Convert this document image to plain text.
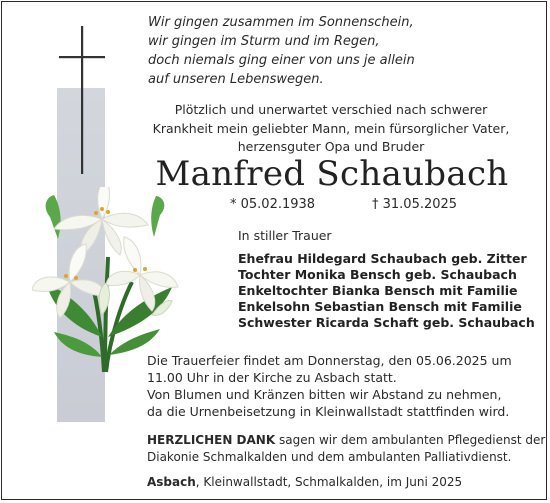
Wir gingen zusammen im Sonnenschein,
wir gingen im Sturm und im Regen,
doch niemals ging einer von uns je allein
auf unseren Lebenswegen.
Plötzlich und unerwartet verschied nach schwerer
Krankheit mein geliebter Mann, mein fürsorglicher Vater,
herzensguter Opa und Bruder
Manfred Schaubach
* 05.02.1938	† 31.05.2025
In stiller Trauer
Ehefrau Hildegard Schaubach geb. Zitter
Tochter Monika Bensch geb. Schaubach
Enkeltochter Bianka Bensch mit Familie
Enkelsohn Sebastian Bensch mit Familie
Schwester Ricarda Schaft geb. Schaubach
Die Trauerfeier findet am Donnerstag, den 05.06.2025 um
11.00 Uhr in der Kirche zu Asbach statt.
Von Blumen und Kränzen bitten wir Abstand zu nehmen,
da die Urnenbeisetzung in Kleinwallstadt stattfinden wird.
HERZLICHEN DANK sagen wir dem ambulanten Pflegedienst der
Diakonie Schmalkalden und dem ambulanten Palliativdienst.
Asbach, Kleinwallstadt, Schmalkalden, im Juni 2025
